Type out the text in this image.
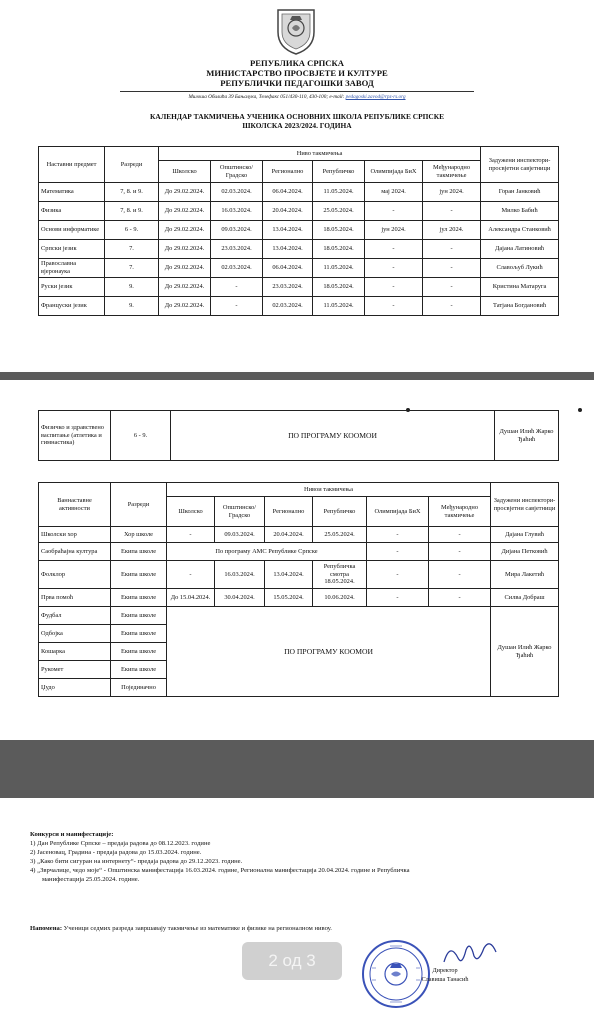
РЕПУБЛИКА СРПСКА
МИНИСТАРСТВО ПРОСВЈЕТЕ И КУЛТУРЕ
РЕПУБЛИЧКИ ПЕДАГОШКИ ЗАВОД
Милоша Обилића 39 Бањалука, Телефакс 051/430-110, 430-100; e-mail: pedagoski.zavod@rpz-rs.org
КАЛЕНДАР ТАКМИЧЕЊА УЧЕНИКА ОСНОВНИХ ШКОЛА РЕПУБЛИКЕ СРПСКЕ
ШКОЛСКА 2023/2024. ГОДИНА
Наставни предмет	Разреди	Ниво такмичења						Задужени инспектори-просвјетни савјетници
		Школско	Општинско/ Градско	Регионално	Републичко	Олимпијада БиХ	Међународно такмичење	
Математика	7, 8. и 9.	До 29.02.2024.	02.03.2024.	06.04.2024.	11.05.2024.	мај 2024.	јун 2024.	Горан Јанковић
Физика	7, 8. и 9.	До 29.02.2024.	16.03.2024.	20.04.2024.	25.05.2024.	-	-	Милко Бабић
Основи информатике	6 - 9.	До 29.02.2024.	09.03.2024.	13.04.2024.	18.05.2024.	јун 2024.	јул 2024.	Александра Станковић
Српски језик	7.	До 29.02.2024.	23.03.2024.	13.04.2024.	18.05.2024.	-	-	Дајана Латиновић
Православна вјеронаука	7.	До 29.02.2024.	02.03.2024.	06.04.2024.	11.05.2024.	-	-	Славољуб Лукић
Руски језик	9.	До 29.02.2024.	-	23.03.2024.	18.05.2024.	-	-	Кристина Матаруга
Француски језик	9.	До 29.02.2024.	-	02.03.2024.	11.05.2024.	-	-	Татјана Богдановић
Физичко и здравствено васпитање (атлетика и гимнастика)	6 - 9.	ПО ПРОГРАМУ КООМОИ	Душан Илић Жарко Ђаћић
Ваннаставне активности	Разреди	Нивои такмичења						Задужени инспектори-просвјетни савјетници
		Школско	Општинско/ Градско	Регионално	Републичко	Олимпијада БиХ	Међународно такмичење	
Школски хор	Хор школе	-	09.03.2024.	20.04.2024.	25.05.2024.	-	-	Дајана Глувић
Саобраћајна култура	Екипа школе	По програму АМС Републике Српске				-	-	Дијана Петковић
Фолклор	Екипа школе	-	16.03.2024.	13.04.2024.	Републичка смотра 18.05.2024.	-	-	Мира Лакетић
Прва помоћ	Екипа школе	До 15.04.2024.	30.04.2024.	15.05.2024.	10.06.2024.	-	-	Силва Добраш
Фудбал	Екипа школе	ПО ПРОГРАМУ КООМОИ						Душан Илић Жарко Ђаћић
Одбојка	Екипа школе							
Кошарка	Екипа школе							
Рукомет	Екипа школе							
Џудо	Појединачно							
Конкурси и манифестације:
1) Дан Републике Српске – предаја радова до 08.12.2023. године
2) Јасеновац, Градина - предаја радова до 15.03.2024. године.
3) „Како бити сигуран на интернету“- предаја радова до 29.12.2023. године.
4) „Зврчалице, чедо моје“ - Општинска манифестација 16.03.2024. године, Регионална манифестација 20.04.2024. године и Републичка
манифестација 25.05.2024. године.
Напомена: Ученици седмих разреда завршавају такмичење из математике и физике на регионалном нивоу.
Директор
Славиша Танасић
2 од 3
